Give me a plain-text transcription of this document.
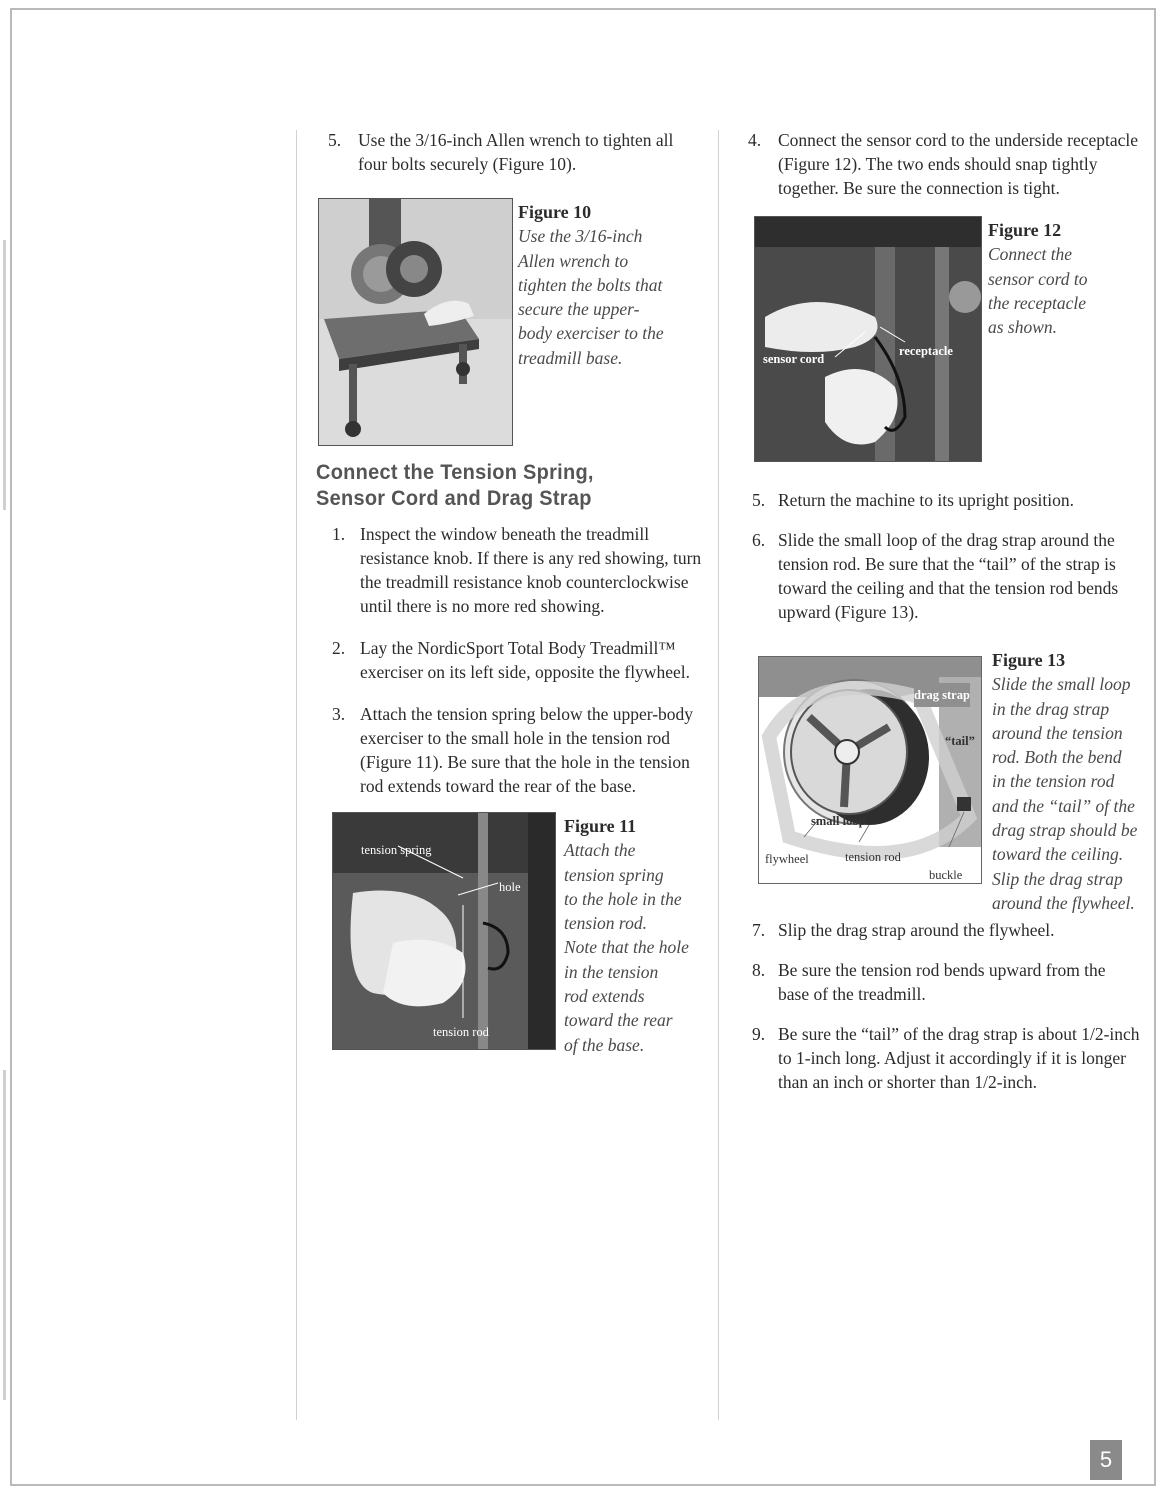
5. Use the 3/16-inch Allen wrench to tighten all four bolts securely (Figure 10).

Figure 10
Use the 3/16-inch
Allen wrench to
tighten the bolts that
secure the upper-
body exerciser to the
treadmill base.
Connect the Tension Spring,
Sensor Cord and Drag Strap

1. Inspect the window beneath the treadmill resistance knob. If there is any red showing, turn the treadmill resistance knob counterclockwise until there is no more red showing.

2. Lay the NordicSport Total Body Treadmill™ exerciser on its left side, opposite the flywheel.

3. Attach the tension spring below the upper-body exerciser to the small hole in the tension rod (Figure 11). Be sure that the hole in the tension rod extends toward the rear of the base.

tension spring
hole
tension rod
Figure 11
Attach the
tension spring
to the hole in the
tension rod.
Note that the hole
in the tension
rod extends
toward the rear
of the base.

4. Connect the sensor cord to the underside receptacle (Figure 12). The two ends should snap tightly together. Be sure the connection is tight.

sensor cord
receptacle
Figure 12
Connect the
sensor cord to
the receptacle
as shown.

5. Return the machine to its upright position.

6. Slide the small loop of the drag strap around the tension rod. Be sure that the “tail” of the strap is toward the ceiling and that the tension rod bends upward (Figure 13).

drag strap
“tail”
small loop
flywheel	tension rod
buckle
Figure 13
Slide the small loop
in the drag strap
around the tension
rod. Both the bend
in the tension rod
and the “tail” of the
drag strap should be
toward the ceiling.
Slip the drag strap
around the flywheel.

7. Slip the drag strap around the flywheel.

8. Be sure the tension rod bends upward from the base of the treadmill.

9. Be sure the “tail” of the drag strap is about 1/2-inch to 1-inch long. Adjust it accordingly if it is longer than an inch or shorter than 1/2-inch.

5
